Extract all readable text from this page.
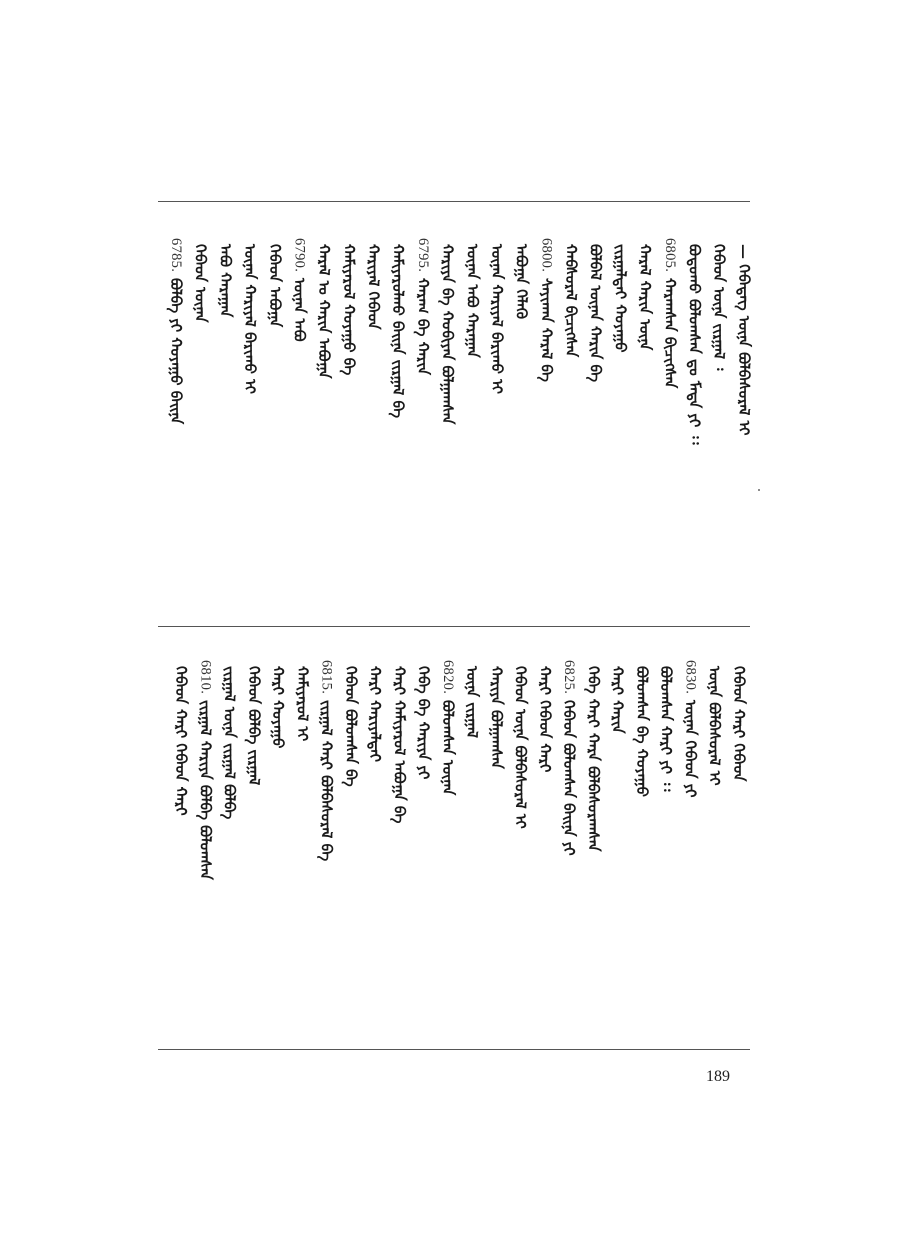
— ᠬᠡᠪᠡᠳᠡᠭ ᠦᠨᠡ ᠪᠣᠯᠪᠠᠰᠤᠷᠠᠯ ᠢ
ᠬᠡᠪᠡᠳ ᠦᠨᠡ ᠵᠢᠷᠭᠠᠯ ᠄
ᠪᠣᠳᠣᠬᠤ ᠪᠣᠯᠤᠭᠰᠠᠨ ᠳᠤ ᠮᠠᠲᠠ ᠶᠢ ᠄᠄
6805.
ᠬᠠᠷᠠᠭᠰᠠᠨ ᠪᠢᠴᠢᠭᠰᠡᠨ
ᠬᠠᠷᠠᠯ ᠬᠠᠷᠢᠨ ᠦᠨᠡ
ᠵᠢᠷᠭᠠᠯᠲᠠᠢ ᠬᠣᠶᠠᠭᠤ
ᠪᠣᠯᠪᠠᠯ ᠦᠨᠡᠨ ᠬᠠᠷᠢᠨ ᠪᠠ
ᠬᠠᠪᠰᠤᠷᠠᠯ ᠪᠢᠴᠢᠭᠰᠡᠨ
6800.
ᠰᠠᠶᠢᠬᠠᠨ ᠬᠠᠷᠠᠯ ᠪᠠ
ᠠᠪᠤᠭᠠ ᠬᠡᠯᠡᠬᠦ
ᠦᠨᠡᠨ ᠬᠠᠷᠢᠶᠠᠯ ᠪᠠᠷᠢᠬᠤ ᠢ
ᠦᠨᠡᠨ ᠠᠪᠤ ᠬᠠᠷᠠᠭᠠᠨ
ᠬᠠᠷᠢᠶᠠ ᠪᠠ ᠬᠤᠪᠢᠶᠠᠨ ᠪᠣᠯᠭᠠᠭᠰᠠᠨ
6795.
ᠬᠠᠷᠠᠭ ᠪᠠ ᠬᠠᠷᠢᠨ
ᠬᠠᠮᠢᠶᠠᠷᠤᠯᠬᠤ ᠪᠠᠢᠨᠠ ᠵᠢᠷᠭᠠᠯ ᠪᠠ
ᠬᠠᠷᠢᠶᠠᠯ ᠬᠡᠪᠡᠳ
ᠬᠠᠮᠢᠶᠠᠷᠤᠯ ᠬᠣᠶᠠᠭᠤ ᠪᠠ
ᠬᠠᠷᠠᠯ ᠤ ᠬᠠᠷᠢᠨ ᠠᠪᠤᠭᠠ
6790.
ᠦᠨᠡᠨ ᠠᠪᠤ
ᠬᠡᠪᠡᠳ ᠠᠪᠤᠭᠠ
ᠦᠨᠡᠨ ᠬᠠᠷᠢᠶᠠᠯ ᠪᠠᠷᠢᠬᠤ ᠢ
ᠠᠪᠤ ᠬᠠᠷᠠᠭᠠᠨ
ᠬᠡᠪᠡᠳ ᠦᠨᠡᠨ
6785.
ᠪᠣᠯᠪᠠ ᠶᠢ ᠬᠣᠶᠠᠭᠤ ᠪᠠᠢᠨᠠ
ᠬᠡᠪᠡᠳ ᠬᠠᠷᠢ ᠬᠡᠪᠡᠳ
ᠦᠨᠡ ᠪᠣᠯᠪᠠᠰᠤᠷᠠᠯ ᠢ
6830.
ᠦᠨᠡᠨ ᠬᠡᠪᠡᠳ ᠶᠢ
ᠪᠣᠯᠤᠭᠰᠠᠨ ᠬᠠᠷᠢ ᠶᠢ ᠄᠄
ᠪᠣᠯᠤᠭᠰᠠᠨ ᠪᠠ ᠬᠣᠶᠠᠭᠤ
ᠬᠠᠷᠢ ᠬᠠᠷᠢᠨ
ᠬᠡᠪᠡ ᠬᠠᠷᠢ ᠬᠠᠷᠠ ᠪᠣᠯᠪᠠᠰᠤᠷᠠᠭᠰᠠᠨ
6825.
ᠬᠡᠪᠡᠳ ᠪᠣᠯᠤᠭᠰᠠᠨ ᠪᠠᠢᠨᠠ ᠶᠢ
ᠬᠠᠷᠢ ᠬᠡᠪᠡᠳ ᠬᠠᠷᠢ
ᠬᠡᠪᠡᠳ ᠦᠨᠡ ᠪᠣᠯᠪᠠᠰᠤᠷᠠᠯ ᠢ
ᠬᠠᠷᠢᠶᠠ ᠪᠣᠯᠭᠠᠭᠰᠠᠨ
ᠦᠨᠡ ᠵᠢᠷᠭᠠᠯ
6820.
ᠪᠣᠯᠤᠭᠰᠠᠨ ᠦᠨᠡᠨ
ᠬᠡᠪᠡ ᠪᠠ ᠬᠠᠷᠢᠶᠠ ᠶᠢ
ᠬᠠᠷᠢ ᠬᠠᠮᠢᠶᠠᠷᠤᠯ ᠠᠪᠤᠭᠠ ᠪᠠ
ᠬᠠᠷᠢ ᠬᠠᠷᠢᠶᠠᠯᠲᠠᠢ
ᠬᠡᠪᠡᠳ ᠪᠣᠯᠤᠭᠰᠠᠨ ᠪᠠ
6815.
ᠵᠢᠷᠭᠠᠯ ᠬᠠᠷᠢ ᠪᠣᠯᠪᠠᠰᠤᠷᠠᠯ ᠪᠠ
ᠬᠠᠮᠢᠶᠠᠷᠤᠯ ᠢ
ᠬᠠᠷᠢ ᠬᠣᠶᠠᠭᠤ
ᠬᠡᠪᠡᠳ ᠪᠣᠯᠪᠠ ᠵᠢᠷᠭᠠᠯ
ᠵᠢᠷᠭᠠᠯ ᠦᠨᠡ ᠵᠢᠷᠭᠠᠯ ᠪᠣᠯᠪᠠ
6810.
ᠵᠢᠷᠭᠠᠯ ᠬᠠᠷᠢᠶᠠ ᠪᠣᠯᠪᠠ ᠪᠣᠯᠤᠭᠰᠠᠨ
ᠬᠡᠪᠡᠳ ᠬᠠᠷᠢ ᠬᠡᠪᠡᠳ ᠬᠠᠷᠢ
189
